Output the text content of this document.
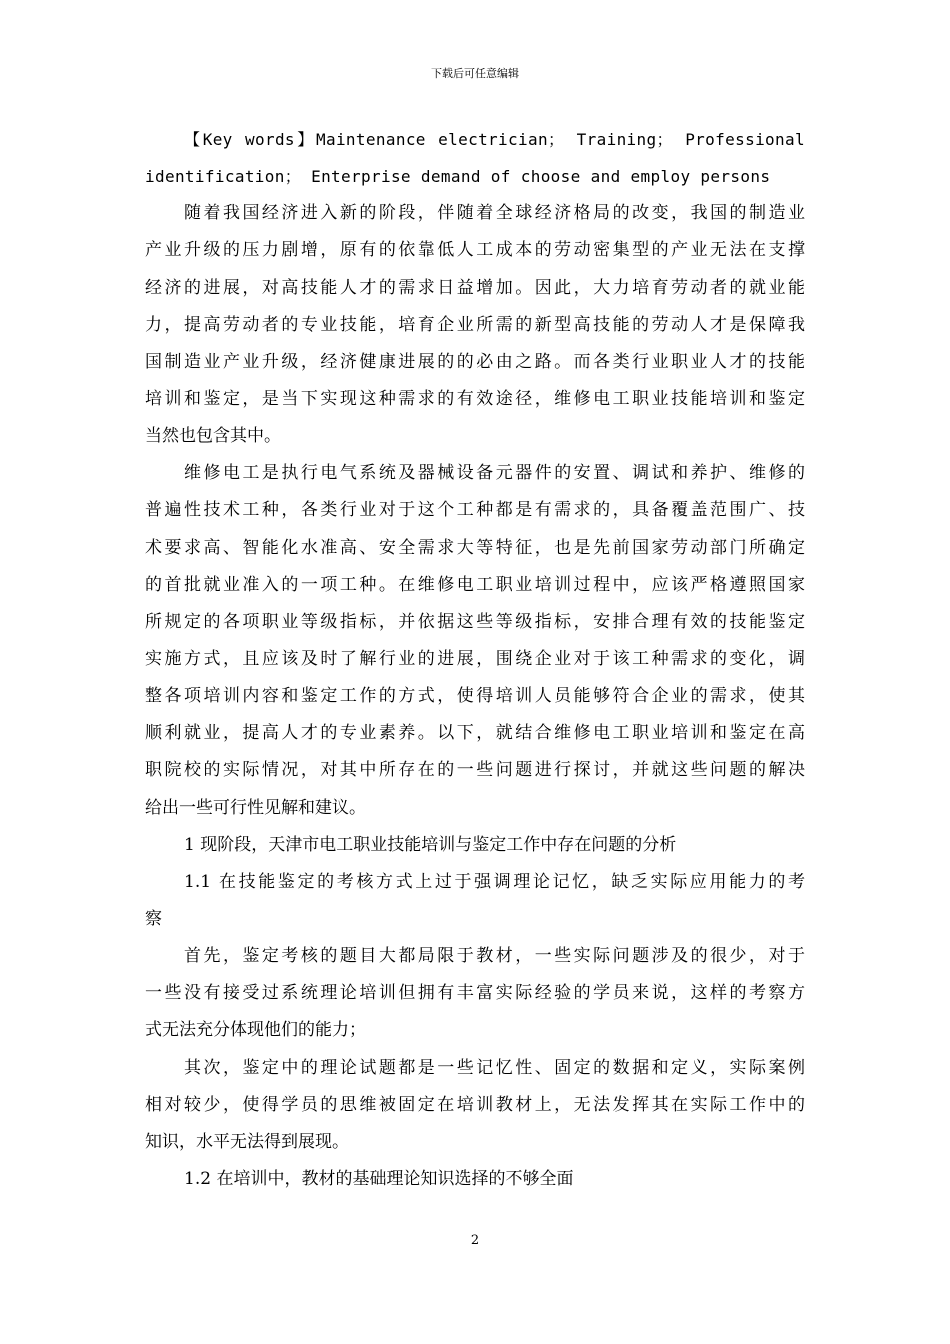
下载后可任意编辑
【Key words】Maintenance electrician； Training； Professional
identification； Enterprise demand of choose and employ persons
随着我国经济进入新的阶段，伴随着全球经济格局的改变，我国的制造业
产业升级的压力剧增，原有的依靠低人工成本的劳动密集型的产业无法在支撑
经济的进展，对高技能人才的需求日益增加。因此，大力培育劳动者的就业能
力，提高劳动者的专业技能，培育企业所需的新型高技能的劳动人才是保障我
国制造业产业升级，经济健康进展的的必由之路。而各类行业职业人才的技能
培训和鉴定，是当下实现这种需求的有效途径，维修电工职业技能培训和鉴定
当然也包含其中。
维修电工是执行电气系统及器械设备元器件的安置、调试和养护、维修的
普遍性技术工种，各类行业对于这个工种都是有需求的，具备覆盖范围广、技
术要求高、智能化水准高、安全需求大等特征，也是先前国家劳动部门所确定
的首批就业准入的一项工种。在维修电工职业培训过程中，应该严格遵照国家
所规定的各项职业等级指标，并依据这些等级指标，安排合理有效的技能鉴定
实施方式，且应该及时了解行业的进展，围绕企业对于该工种需求的变化，调
整各项培训内容和鉴定工作的方式，使得培训人员能够符合企业的需求，使其
顺利就业，提高人才的专业素养。以下，就结合维修电工职业培训和鉴定在高
职院校的实际情况，对其中所存在的一些问题进行探讨，并就这些问题的解决
给出一些可行性见解和建议。
1 现阶段，天津市电工职业技能培训与鉴定工作中存在问题的分析
1.1 在技能鉴定的考核方式上过于强调理论记忆，缺乏实际应用能力的考
察
首先，鉴定考核的题目大都局限于教材，一些实际问题涉及的很少，对于
一些没有接受过系统理论培训但拥有丰富实际经验的学员来说，这样的考察方
式无法充分体现他们的能力；
其次，鉴定中的理论试题都是一些记忆性、固定的数据和定义，实际案例
相对较少，使得学员的思维被固定在培训教材上，无法发挥其在实际工作中的
知识，水平无法得到展现。
1.2 在培训中，教材的基础理论知识选择的不够全面
2
